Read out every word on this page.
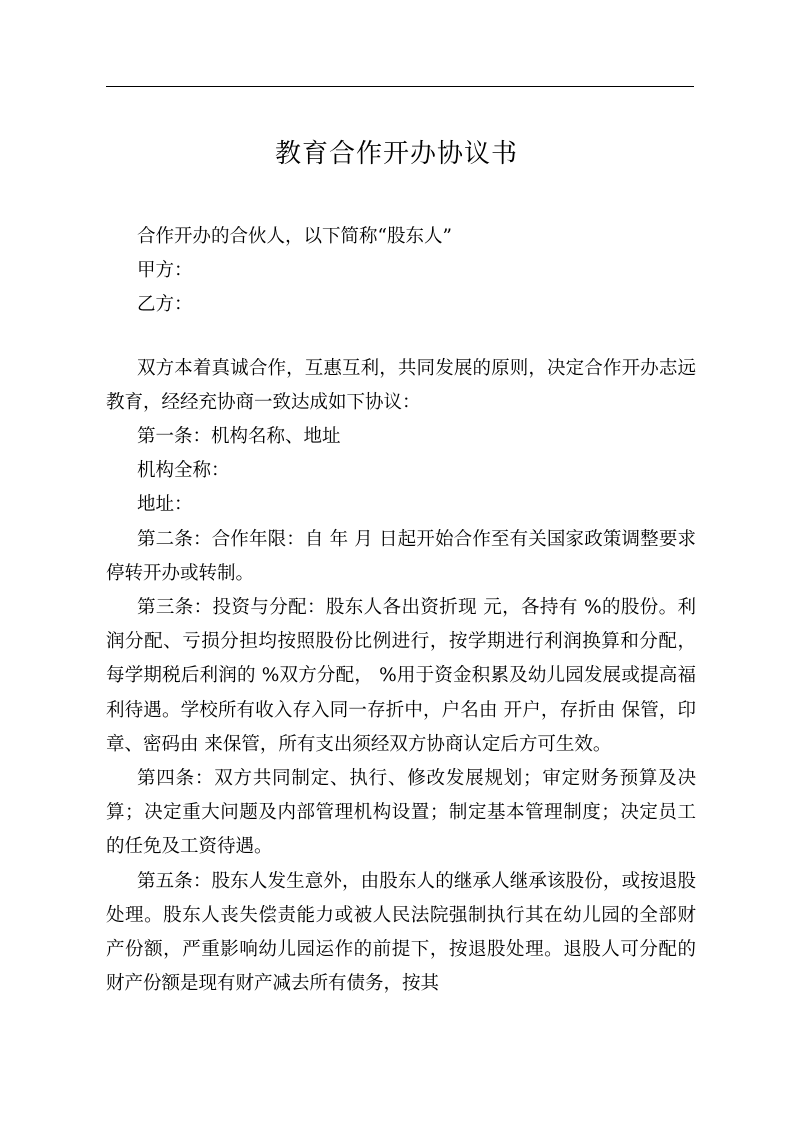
教育合作开办协议书

合作开办的合伙人，以下简称“股东人”

甲方：

乙方：

双方本着真诚合作，互惠互利，共同发展的原则，决定合作开办志远教育，经经充协商一致达成如下协议：

第一条：机构名称、地址

机构全称：

地址：

第二条：合作年限：自 年 月 日起开始合作至有关国家政策调整要求停转开办或转制。

第三条：投资与分配：股东人各出资折现 元，各持有 %的股份。利润分配、亏损分担均按照股份比例进行，按学期进行利润换算和分配，每学期税后利润的 %双方分配， %用于资金积累及幼儿园发展或提高福利待遇。学校所有收入存入同一存折中，户名由 开户，存折由 保管，印章、密码由 来保管，所有支出须经双方协商认定后方可生效。

第四条：双方共同制定、执行、修改发展规划；审定财务预算及决算；决定重大问题及内部管理机构设置；制定基本管理制度；决定员工的任免及工资待遇。

第五条：股东人发生意外，由股东人的继承人继承该股份，或按退股处理。股东人丧失偿责能力或被人民法院强制执行其在幼儿园的全部财产份额，严重影响幼儿园运作的前提下，按退股处理。退股人可分配的财产份额是现有财产减去所有债务，按其
